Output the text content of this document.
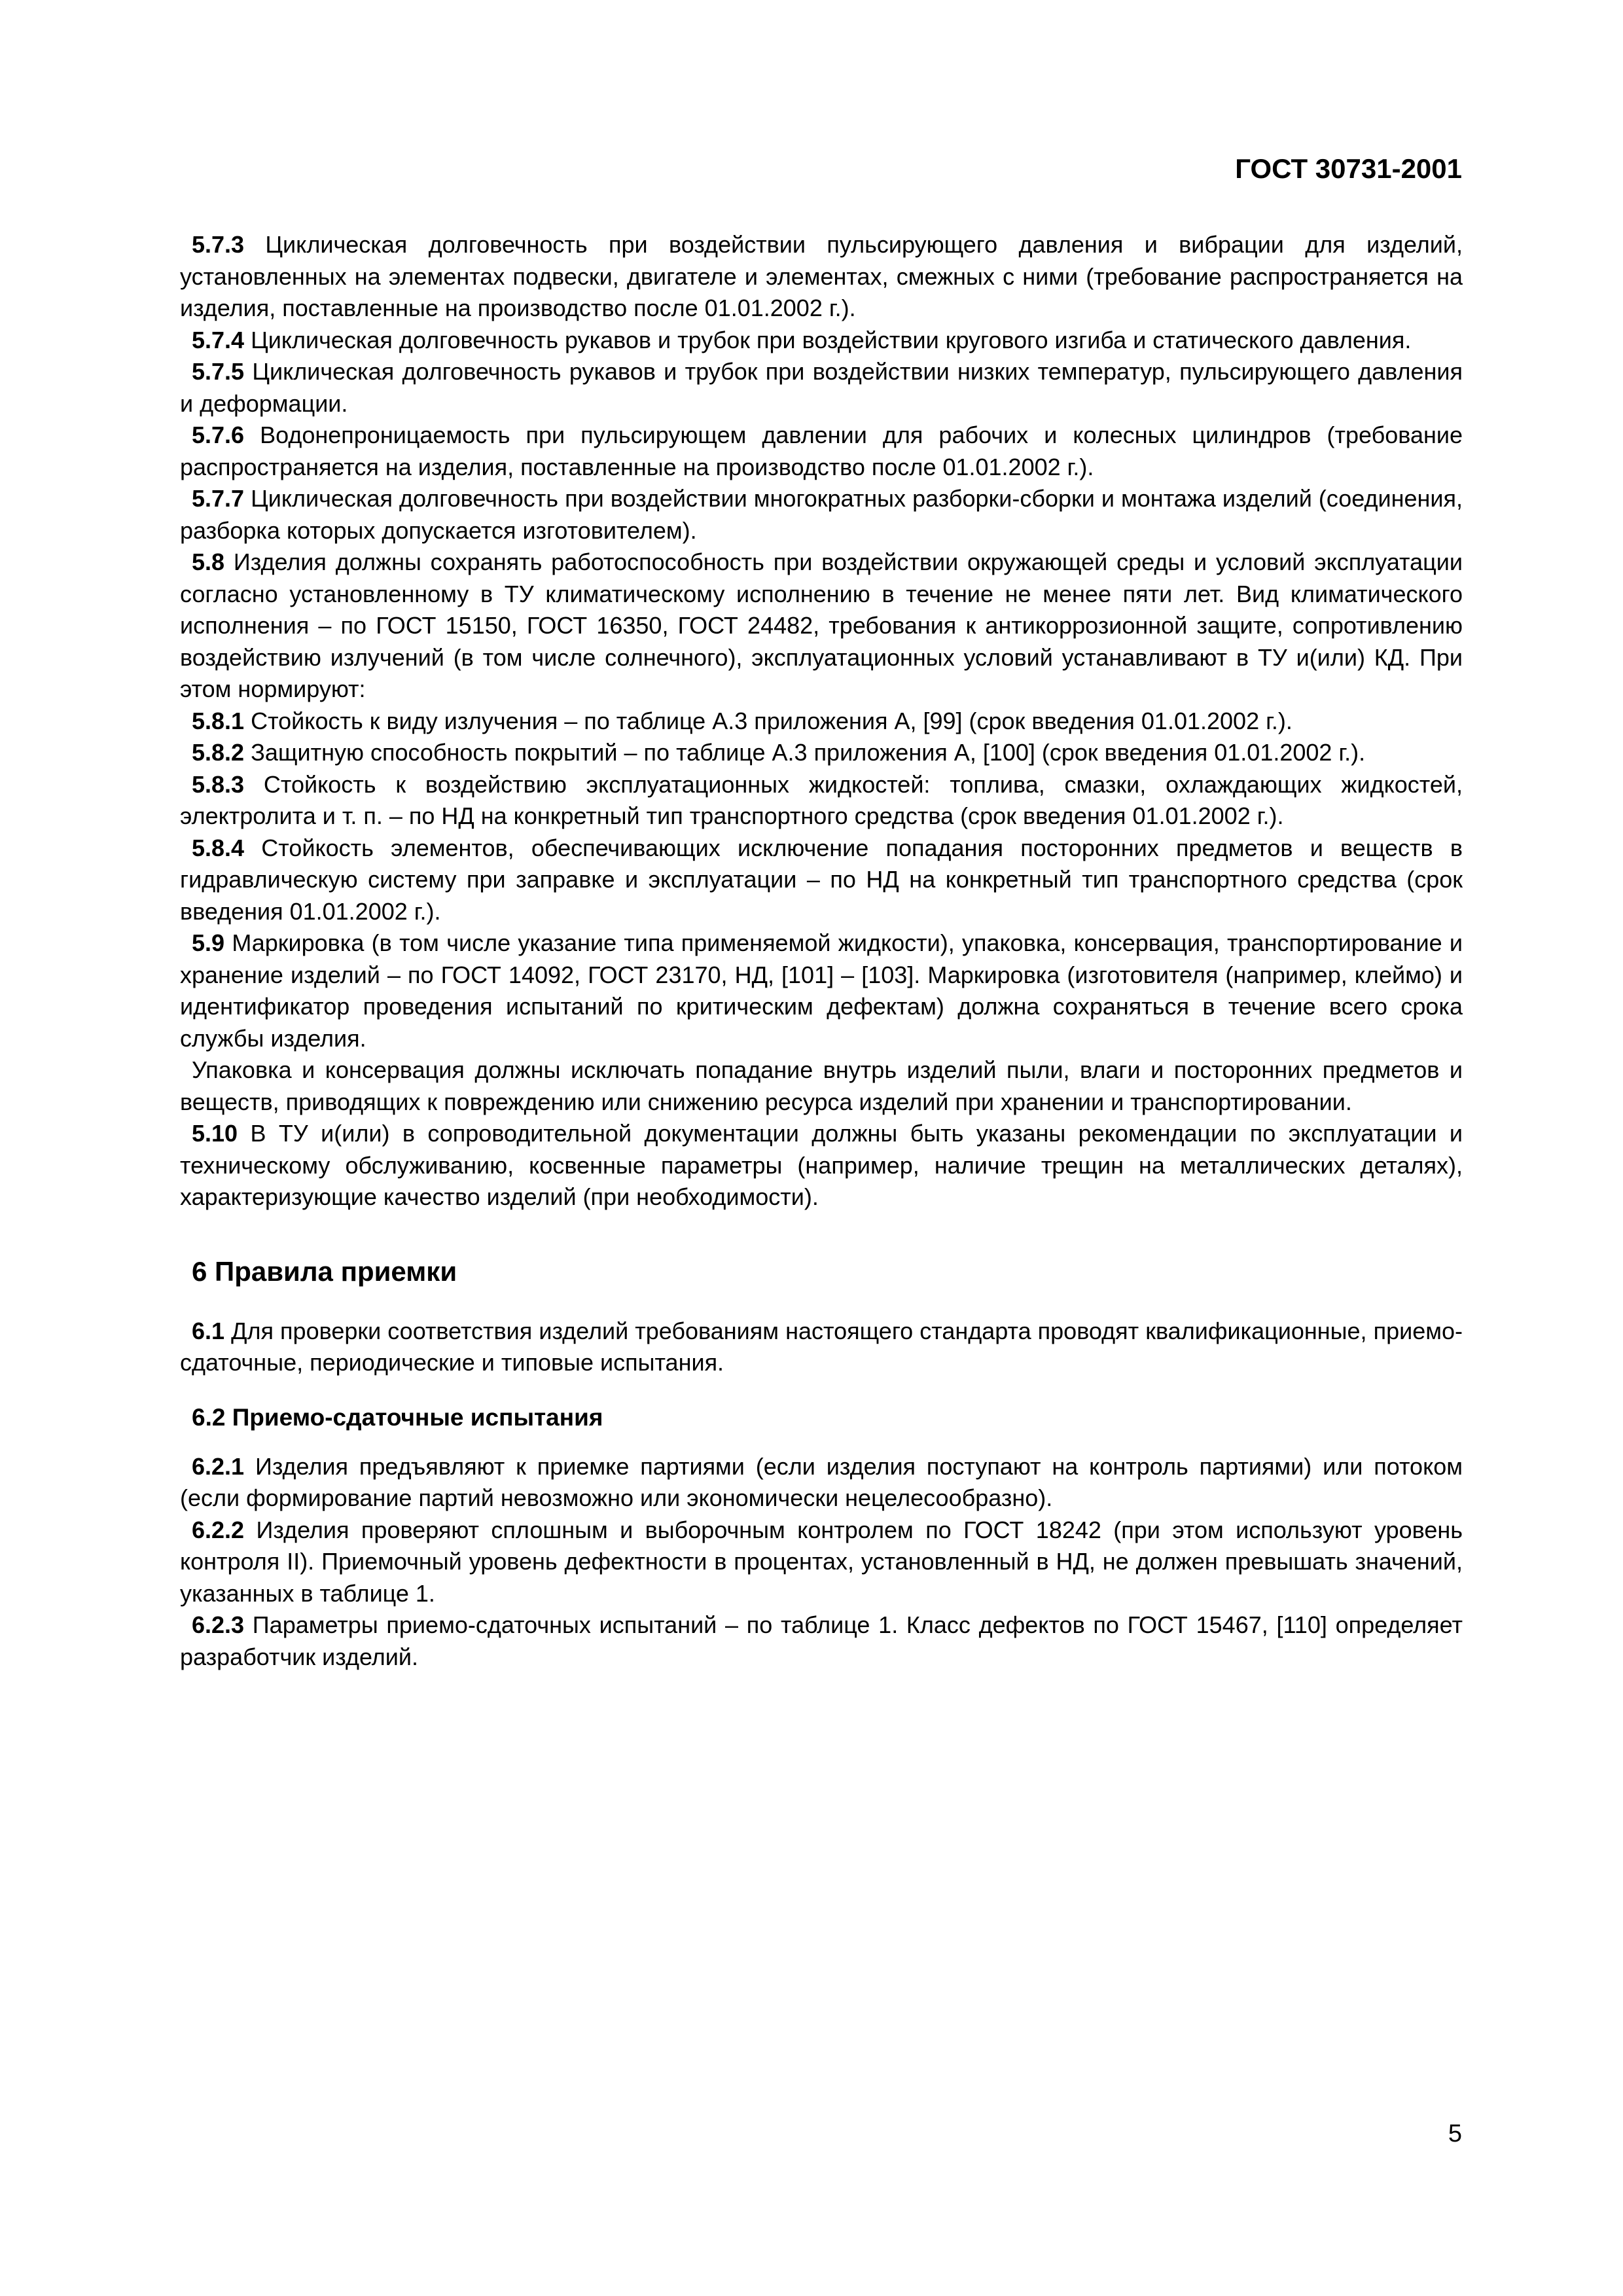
ГОСТ 30731-2001

5.7.3 Циклическая долговечность при воздействии пульсирующего давления и вибрации для изделий, установленных на элементах подвески, двигателе и элементах, смежных с ними (требование распространяется на изделия, поставленные на производство после 01.01.2002 г.).

5.7.4 Циклическая долговечность рукавов и трубок при воздействии кругового изгиба и статического давления.

5.7.5 Циклическая долговечность рукавов и трубок при воздействии низких температур, пульсирующего давления и деформации.

5.7.6 Водонепроницаемость при пульсирующем давлении для рабочих и колесных цилиндров (требование распространяется на изделия, поставленные на производство после 01.01.2002 г.).

5.7.7 Циклическая долговечность при воздействии многократных разборки-сборки и монтажа изделий (соединения, разборка которых допускается изготовителем).

5.8 Изделия должны сохранять работоспособность при воздействии окружающей среды и условий эксплуатации согласно установленному в ТУ климатическому исполнению в течение не менее пяти лет. Вид климатического исполнения – по ГОСТ 15150, ГОСТ 16350, ГОСТ 24482, требования к антикоррозионной защите, сопротивлению воздействию излучений (в том числе солнечного), эксплуатационных условий устанавливают в ТУ и(или) КД. При этом нормируют:

5.8.1 Стойкость к виду излучения – по таблице А.3 приложения А, [99] (срок введения 01.01.2002 г.).

5.8.2 Защитную способность покрытий – по таблице А.3 приложения А, [100] (срок введения 01.01.2002 г.).

5.8.3 Стойкость к воздействию эксплуатационных жидкостей: топлива, смазки, охлаждающих жидкостей, электролита и т. п. – по НД на конкретный тип транспортного средства (срок введения 01.01.2002 г.).

5.8.4 Стойкость элементов, обеспечивающих исключение попадания посторонних предметов и веществ в гидравлическую систему при заправке и эксплуатации – по НД на конкретный тип транспортного средства (срок введения 01.01.2002 г.).

5.9 Маркировка (в том числе указание типа применяемой жидкости), упаковка, консервация, транспортирование и хранение изделий – по ГОСТ 14092, ГОСТ 23170, НД, [101] – [103]. Маркировка (изготовителя (например, клеймо) и идентификатор проведения испытаний по критическим дефектам) должна сохраняться в течение всего срока службы изделия.

Упаковка и консервация должны исключать попадание внутрь изделий пыли, влаги и посторонних предметов и веществ, приводящих к повреждению или снижению ресурса изделий при хранении и транспортировании.

5.10 В ТУ и(или) в сопроводительной документации должны быть указаны рекомендации по эксплуатации и техническому обслуживанию, косвенные параметры (например, наличие трещин на металлических деталях), характеризующие качество изделий (при необходимости).

6 Правила приемки

6.1 Для проверки соответствия изделий требованиям настоящего стандарта проводят квалификационные, приемо-сдаточные, периодические и типовые испытания.

6.2 Приемо-сдаточные испытания

6.2.1 Изделия предъявляют к приемке партиями (если изделия поступают на контроль партиями) или потоком (если формирование партий невозможно или экономически нецелесообразно).

6.2.2 Изделия проверяют сплошным и выборочным контролем по ГОСТ 18242 (при этом используют уровень контроля II). Приемочный уровень дефектности в процентах, установленный в НД, не должен превышать значений, указанных в таблице 1.

6.2.3 Параметры приемо-сдаточных испытаний – по таблице 1. Класс дефектов по ГОСТ 15467, [110] определяет разработчик изделий.

5
